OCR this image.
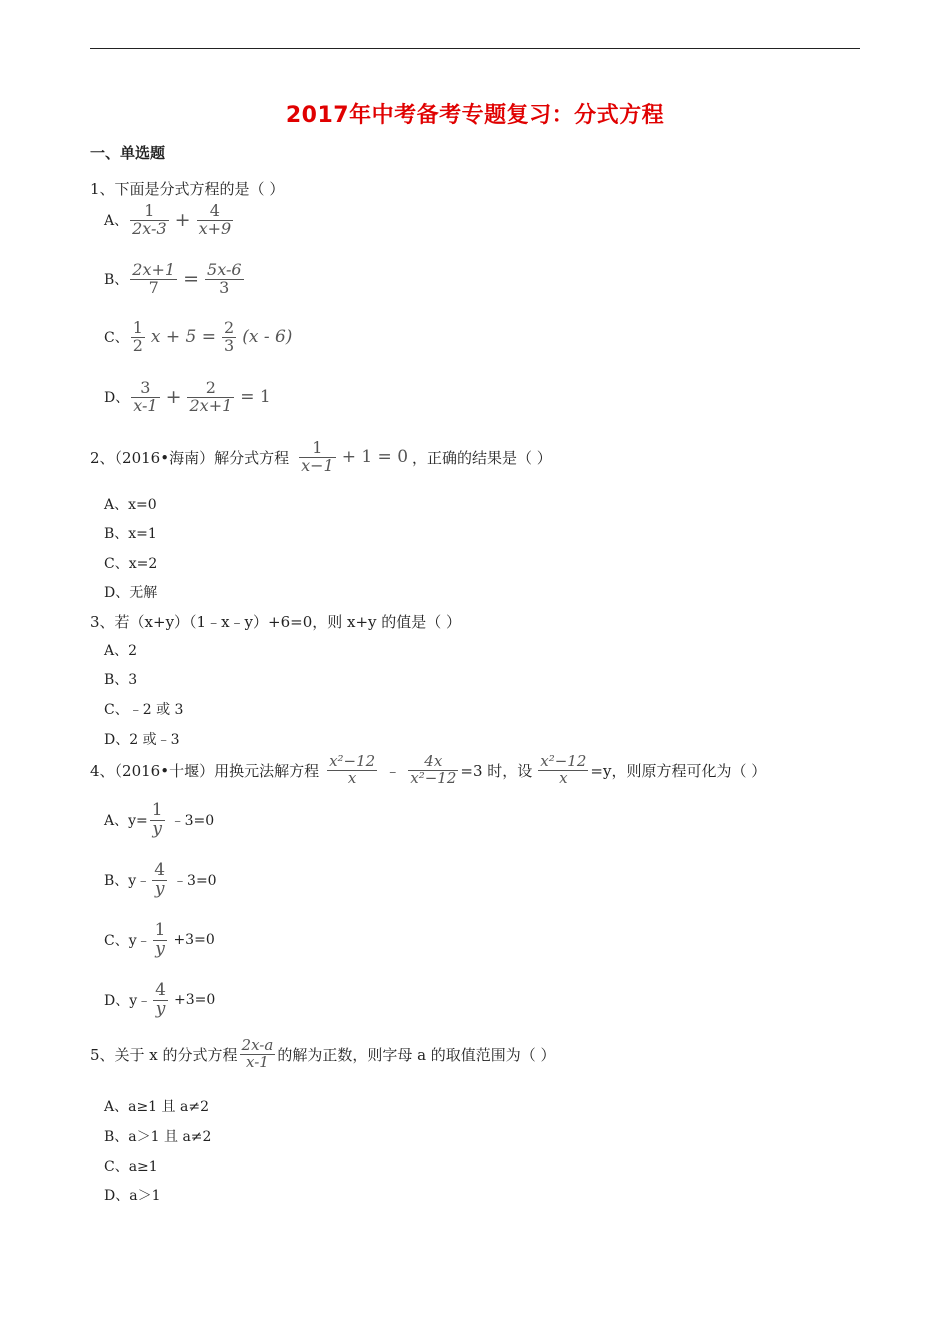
2017年中考备考专题复习：分式方程
一、单选题
1、下面是分式方程的是（ ）
A、 $\frac{1}{2x-3} + \frac{4}{x+9}$
B、 $\frac{2x+1}{7} = \frac{5x-6}{3}$
C、 $\frac{1}{2}$ $x + 5 = \frac{2}{3} (x - 6)$
D、 $\frac{3}{x-1} + \frac{2}{2x+1} = 1$
2、（2016•海南）解分式方程 $\frac{1}{x-1} + 1 = 0$ ，正确的结果是（ ）
A、x=0
B、x=1
C、x=2
D、无解
3、若（x+y）（1﹣x﹣y）+6=0，则 x+y 的值是（ ）
A、2
B、3
C、﹣2 或 3
D、2 或﹣3
4、（2016•十堰）用换元法解方程 $\frac{\text{x²−12}}{x}$ ﹣ $\frac{4x}{\text{x²−12}} =3$ 时，设 $\frac{\text{x²−12}}{x} =y$，则原方程可化为（ ）
A、$y= \frac{1}{y}$ ﹣3=0
B、y﹣ $\frac{4}{y}$ ﹣3=0
C、y﹣ $\frac{1}{y} +3=0$
D、y﹣ $\frac{4}{y} +3=0$
5、关于 x 的分式方程 $\frac{2x-a}{x-1}$ 的解为正数，则字母 a 的取值范围为（ ）
A、a≥1 且 a≠2
B、a＞1 且 a≠2
C、a≥1
D、a＞1
